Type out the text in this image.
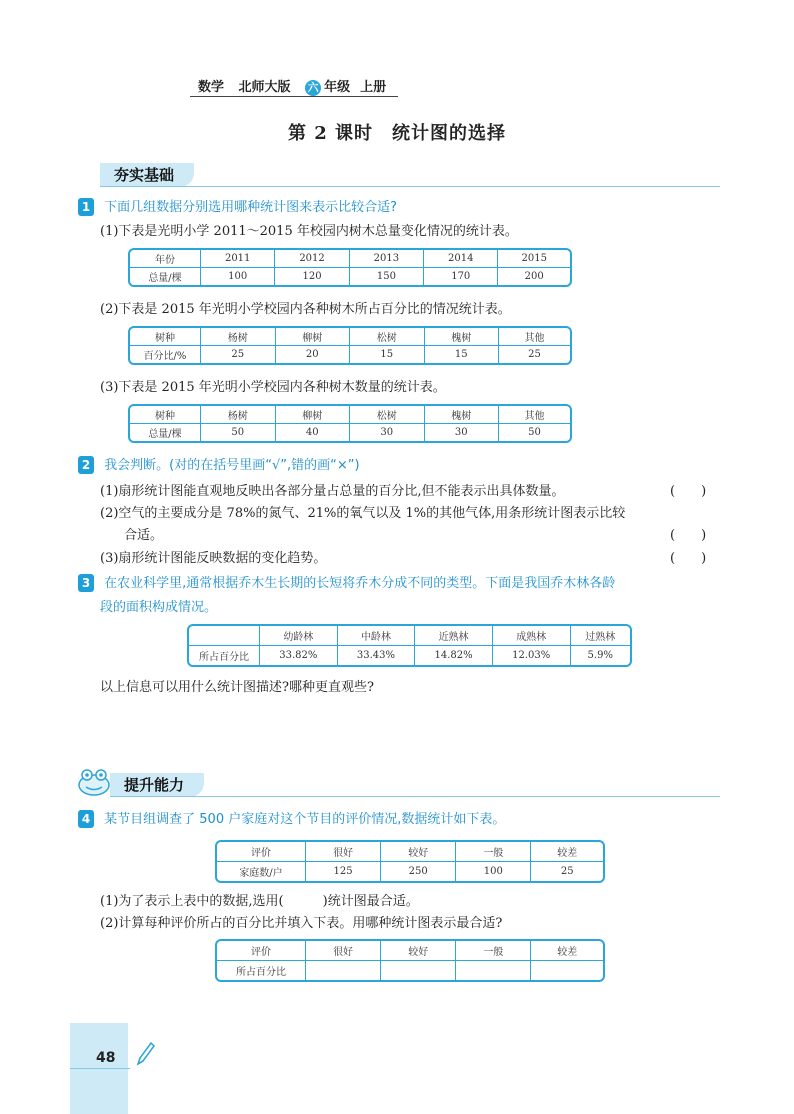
数学 北师大版 六 年级 上册
第 2 课时　统计图的选择
夯实基础
1 下面几组数据分别选用哪种统计图来表示比较合适?
(1)下表是光明小学 2011～2015 年校园内树木总量变化情况的统计表。
年份	2011	2012	2013	2014	2015
总量/棵	100	120	150	170	200
(2)下表是 2015 年光明小学校园内各种树木所占百分比的情况统计表。
树种	杨树	柳树	松树	槐树	其他
百分比/%	25	20	15	15	25
(3)下表是 2015 年光明小学校园内各种树木数量的统计表。
树种	杨树	柳树	松树	槐树	其他
总量/棵	50	40	30	30	50
2 我会判断。(对的在括号里画“√”,错的画“×”)
(1)扇形统计图能直观地反映出各部分量占总量的百分比,但不能表示出具体数量。	(　　)
(2)空气的主要成分是 78%的氮气、21%的氧气以及 1%的其他气体,用条形统计图表示比较
合适。	(　　)
(3)扇形统计图能反映数据的变化趋势。	(　　)
3 在农业科学里,通常根据乔木生长期的长短将乔木分成不同的类型。下面是我国乔木林各龄
段的面积构成情况。
	幼龄林	中龄林	近熟林	成熟林	过熟林
所占百分比	33.82%	33.43%	14.82%	12.03%	5.9%
以上信息可以用什么统计图描述?哪种更直观些?
提升能力
4 某节目组调查了 500 户家庭对这个节目的评价情况,数据统计如下表。
评价	很好	较好	一般	较差
家庭数/户	125	250	100	25
(1)为了表示上表中的数据,选用(　　　)统计图最合适。
(2)计算每种评价所占的百分比并填入下表。用哪种统计图表示最合适?
评价	很好	较好	一般	较差
所占百分比				
48
